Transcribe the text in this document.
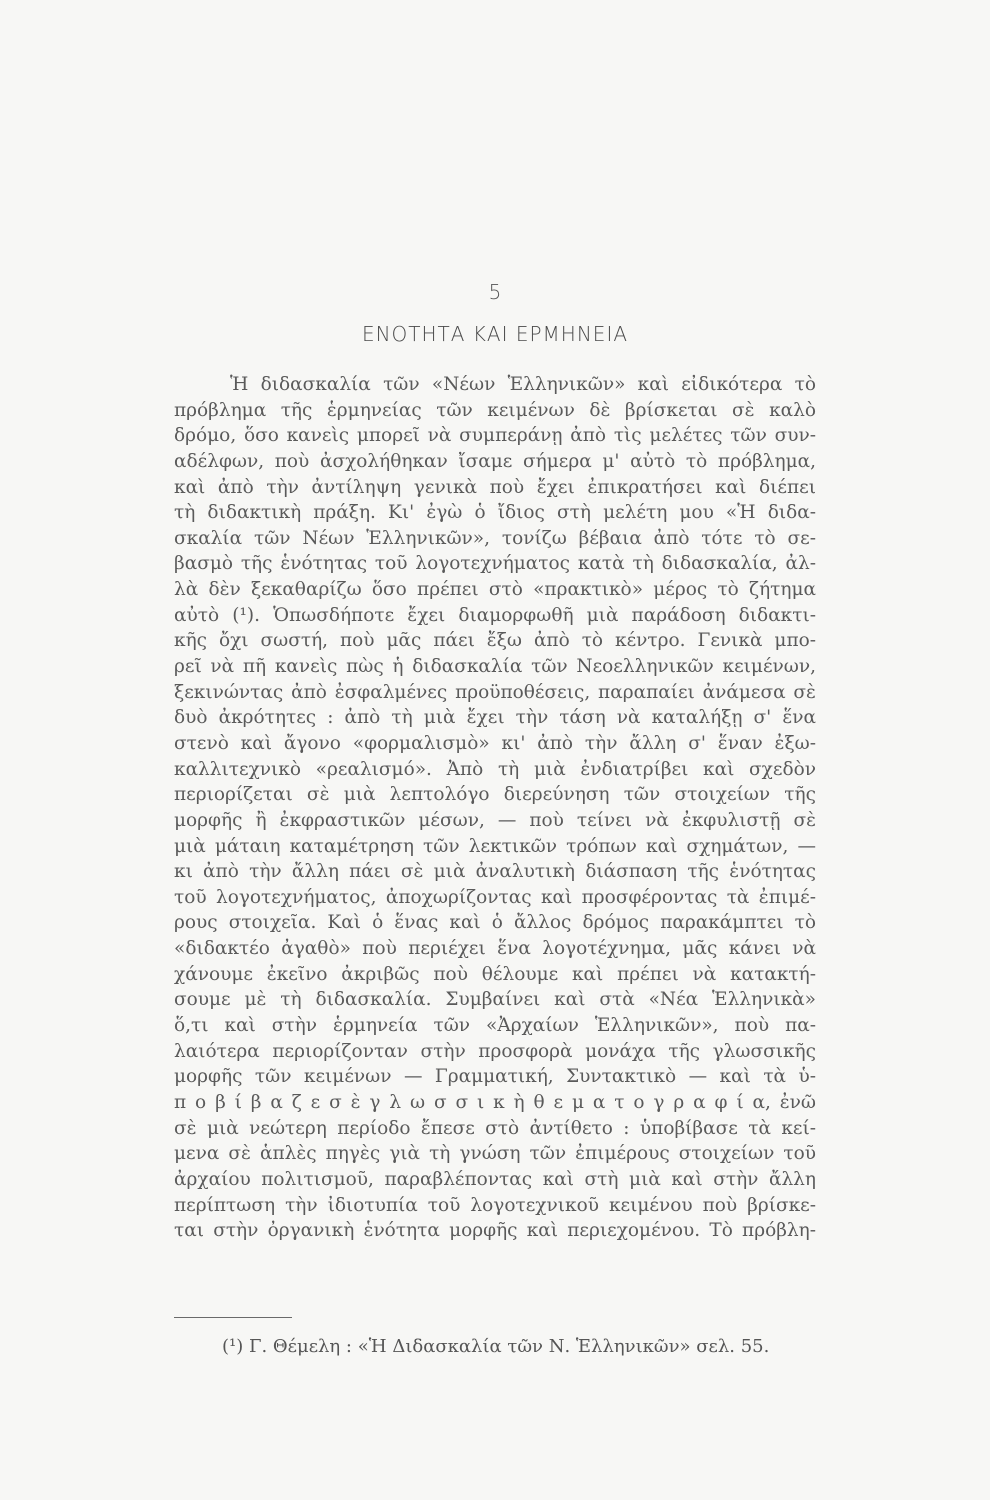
5
ΕΝΟΤΗΤΑ ΚΑΙ ΕΡΜΗΝΕΙΑ
Ἡ διδασκαλία τῶν «Νέων Ἑλληνικῶν» καὶ εἰδικότερα τὸ
πρόβλημα τῆς ἑρμηνείας τῶν κειμένων δὲ βρίσκεται σὲ καλὸ
δρόμο, ὅσο κανεὶς μπορεῖ νὰ συμπεράνῃ ἀπὸ τὶς μελέτες τῶν συν-
αδέλφων, ποὺ ἀσχολήθηκαν ἴσαμε σήμερα μ' αὐτὸ τὸ πρόβλημα,
καὶ ἀπὸ τὴν ἀντίληψη γενικὰ ποὺ ἔχει ἐπικρατήσει καὶ διέπει
τὴ διδακτικὴ πράξη. Κι' ἐγὼ ὁ ἴδιος στὴ μελέτη μου «Ἡ διδα-
σκαλία τῶν Νέων Ἑλληνικῶν», τονίζω βέβαια ἀπὸ τότε τὸ σε-
βασμὸ τῆς ἑνότητας τοῦ λογοτεχνήματος κατὰ τὴ διδασκαλία, ἀλ-
λὰ δὲν ξεκαθαρίζω ὅσο πρέπει στὸ «πρακτικὸ» μέρος τὸ ζήτημα
αὐτὸ (¹). Ὁπωσδήποτε ἔχει διαμορφωθῆ μιὰ παράδοση διδακτι-
κῆς ὄχι σωστή, ποὺ μᾶς πάει ἔξω ἀπὸ τὸ κέντρο. Γενικὰ μπο-
ρεῖ νὰ πῆ κανεὶς πὼς ἡ διδασκαλία τῶν Νεοελληνικῶν κειμένων,
ξεκινώντας ἀπὸ ἐσφαλμένες προϋποθέσεις, παραπαίει ἀνάμεσα σὲ
δυὸ ἀκρότητες : ἀπὸ τὴ μιὰ ἔχει τὴν τάση νὰ καταλήξῃ σ' ἕνα
στενὸ καὶ ἄγονο «φορμαλισμὸ» κι' ἀπὸ τὴν ἄλλη σ' ἕναν ἐξω-
καλλιτεχνικὸ «ρεαλισμό». Ἀπὸ τὴ μιὰ ἐνδιατρίβει καὶ σχεδὸν
περιορίζεται σὲ μιὰ λεπτολόγο διερεύνηση τῶν στοιχείων τῆς
μορφῆς ἢ ἐκφραστικῶν μέσων, — ποὺ τείνει νὰ ἐκφυλιστῇ σὲ
μιὰ μάταιη καταμέτρηση τῶν λεκτικῶν τρόπων καὶ σχημάτων, —
κι ἀπὸ τὴν ἄλλη πάει σὲ μιὰ ἀναλυτικὴ διάσπαση τῆς ἑνότητας
τοῦ λογοτεχνήματος, ἀποχωρίζοντας καὶ προσφέροντας τὰ ἐπιμέ-
ρους στοιχεῖα. Καὶ ὁ ἕνας καὶ ὁ ἄλλος δρόμος παρακάμπτει τὸ
«διδακτέο ἀγαθὸ» ποὺ περιέχει ἕνα λογοτέχνημα, μᾶς κάνει νὰ
χάνουμε ἐκεῖνο ἀκριβῶς ποὺ θέλουμε καὶ πρέπει νὰ κατακτή-
σουμε μὲ τὴ διδασκαλία. Συμβαίνει καὶ στὰ «Νέα Ἑλληνικὰ»
ὅ,τι καὶ στὴν ἑρμηνεία τῶν «Ἀρχαίων Ἑλληνικῶν», ποὺ πα-
λαιότερα περιορίζονταν στὴν προσφορὰ μονάχα τῆς γλωσσικῆς
μορφῆς τῶν κειμένων — Γραμματική, Συντακτικὸ — καὶ τὰ ὑ-
π ο β ί β α ζ ε σ ὲ γ λ ω σ σ ι κ ὴ θ ε μ α τ ο γ ρ α φ ί α, ἐνῶ
σὲ μιὰ νεώτερη περίοδο ἔπεσε στὸ ἀντίθετο : ὑποβίβασε τὰ κεί-
μενα σὲ ἁπλὲς πηγὲς γιὰ τὴ γνώση τῶν ἐπιμέρους στοιχείων τοῦ
ἀρχαίου πολιτισμοῦ, παραβλέποντας καὶ στὴ μιὰ καὶ στὴν ἄλλη
περίπτωση τὴν ἰδιοτυπία τοῦ λογοτεχνικοῦ κειμένου ποὺ βρίσκε-
ται στὴν ὀργανικὴ ἑνότητα μορφῆς καὶ περιεχομένου. Τὸ πρόβλη-
(¹) Γ. Θέμελη : «Ἡ Διδασκαλία τῶν Ν. Ἑλληνικῶν» σελ. 55.
